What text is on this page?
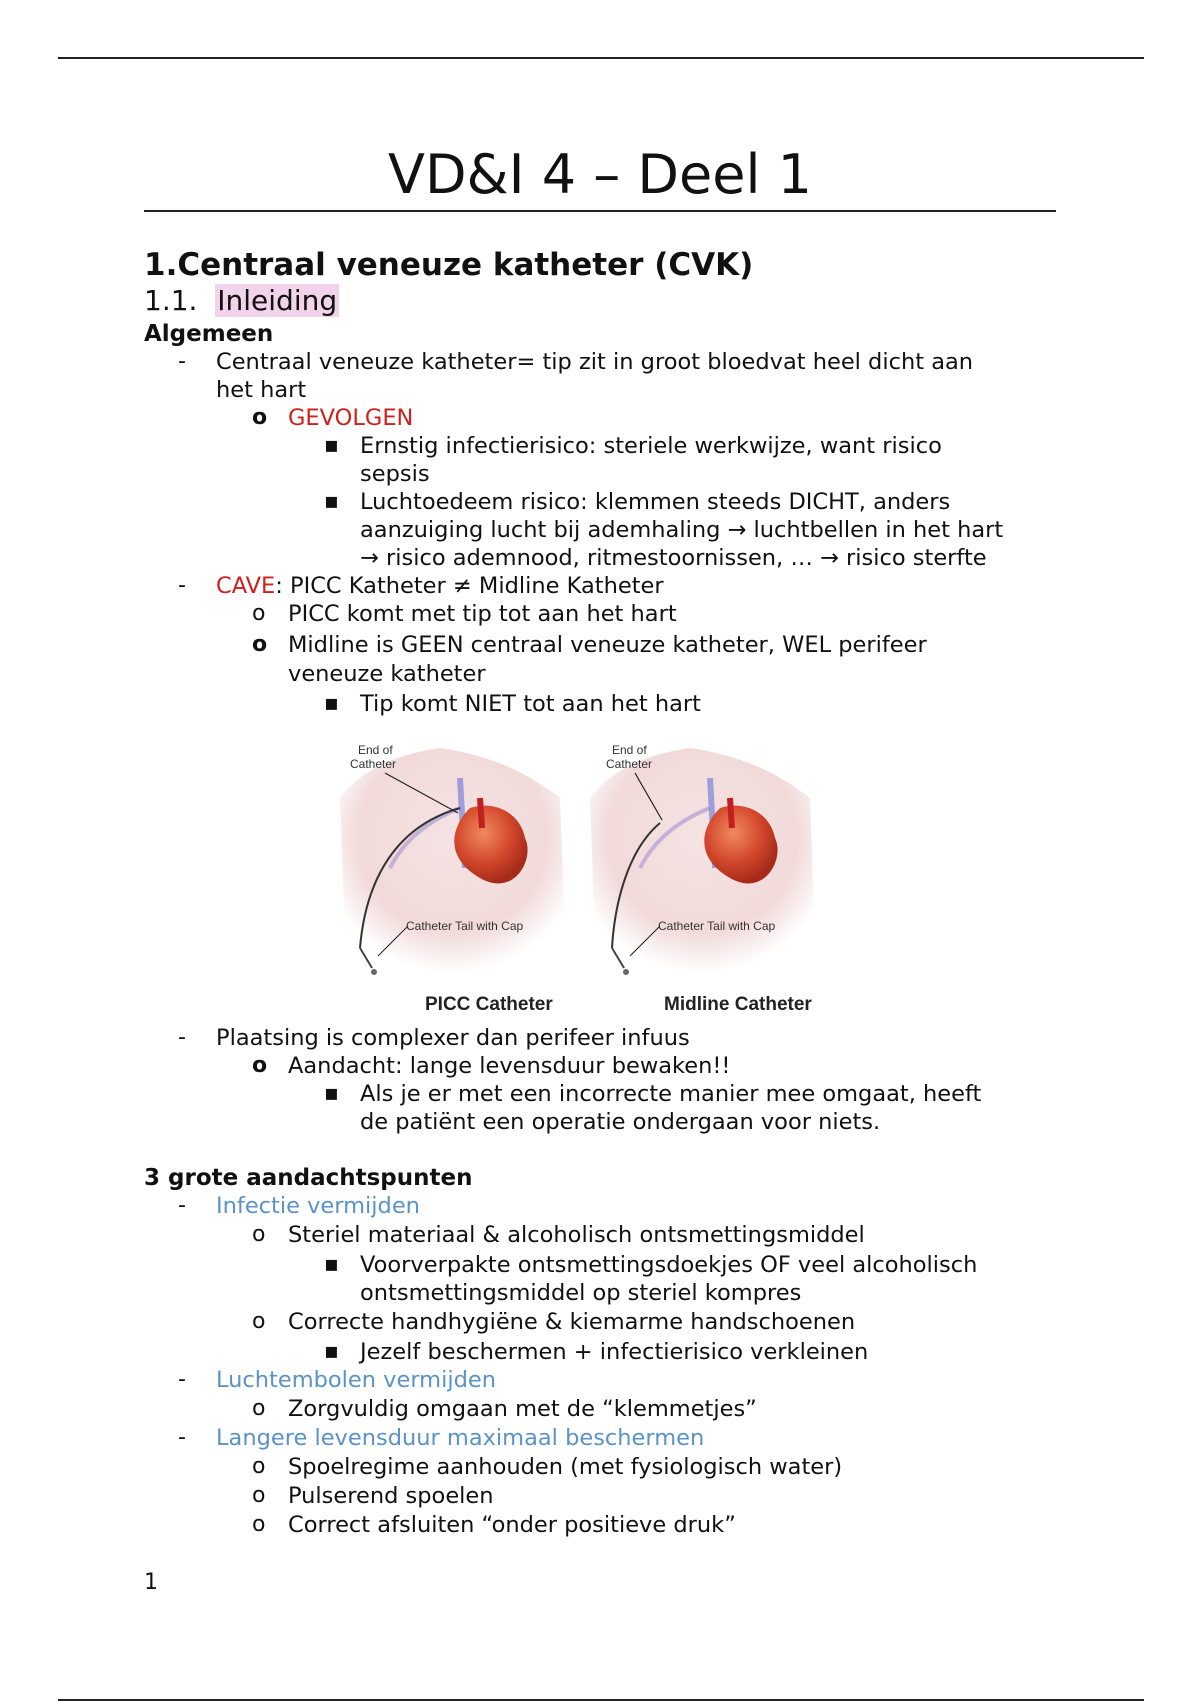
VD&I 4 – Deel 1
1.Centraal veneuze katheter (CVK)
1.1. Inleiding
Algemeen
- Centraal veneuze katheter= tip zit in groot bloedvat heel dicht aan
het hart
o GEVOLGEN
▪ Ernstig infectierisico: steriele werkwijze, want risico
sepsis
▪ Luchtoedeem risico: klemmen steeds DICHT, anders
aanzuiging lucht bij ademhaling → luchtbellen in het hart
→ risico ademnood, ritmestoornissen, … → risico sterfte
- CAVE: PICC Katheter ≠ Midline Katheter
o PICC komt met tip tot aan het hart
o Midline is GEEN centraal veneuze katheter, WEL perifeer
veneuze katheter
▪ Tip komt NIET tot aan het hart
End of
Catheter
Catheter Tail with Cap
End of
Catheter
Catheter Tail with Cap
PICC Catheter	Midline Catheter
- Plaatsing is complexer dan perifeer infuus
o Aandacht: lange levensduur bewaken!!
▪ Als je er met een incorrecte manier mee omgaat, heeft
de patiënt een operatie ondergaan voor niets.
3 grote aandachtspunten
- Infectie vermijden
o Steriel materiaal & alcoholisch ontsmettingsmiddel
▪ Voorverpakte ontsmettingsdoekjes OF veel alcoholisch
ontsmettingsmiddel op steriel kompres
o Correcte handhygiëne & kiemarme handschoenen
▪ Jezelf beschermen + infectierisico verkleinen
- Luchtembolen vermijden
o Zorgvuldig omgaan met de “klemmetjes”
- Langere levensduur maximaal beschermen
o Spoelregime aanhouden (met fysiologisch water)
o Pulserend spoelen
o Correct afsluiten “onder positieve druk”
1
